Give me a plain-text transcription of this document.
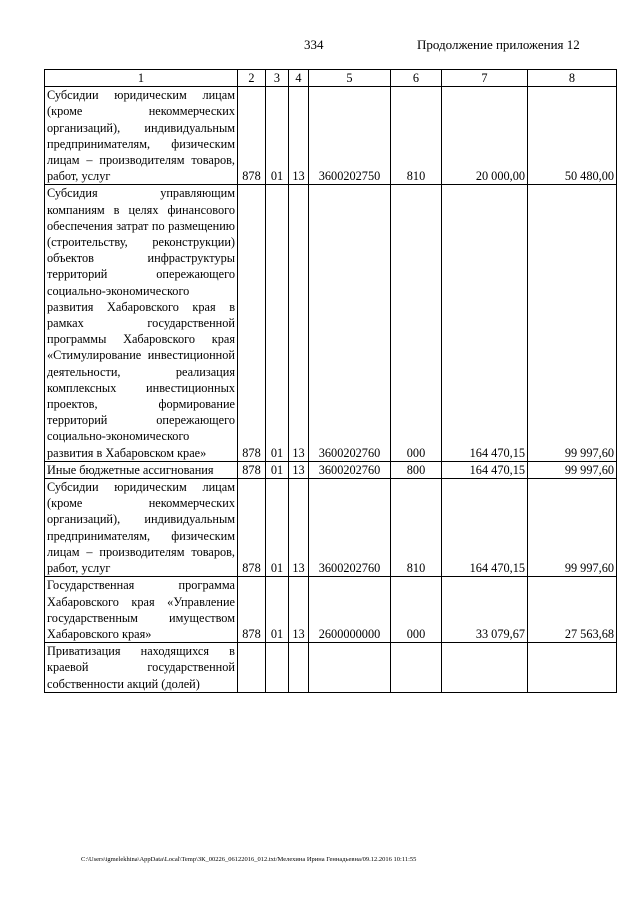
334	Продолжение приложения 12
1	2	3	4	5	6	7	8
Субсидии юридическим лицам (кроме некоммерческих организаций), индивидуальным предпринимателям, физическим лицам – производителям товаров, работ, услуг	878	01	13	3600202750	810	20 000,00	50 480,00
Субсидия управляющим компаниям в целях финансового обеспечения затрат по размещению (строительству, реконструкции) объектов инфраструктуры территорий опережающего социально-экономического развития Хабаровского края в рамках государственной программы Хабаровского края «Стимулирование инвестиционной деятельности, реализация комплексных инвестиционных проектов, формирование территорий опережающего социально-экономического развития в Хабаровском крае»	878	01	13	3600202760	000	164 470,15	99 997,60
Иные бюджетные ассигнования	878	01	13	3600202760	800	164 470,15	99 997,60
Субсидии юридическим лицам (кроме некоммерческих организаций), индивидуальным предпринимателям, физическим лицам – производителям товаров, работ, услуг	878	01	13	3600202760	810	164 470,15	99 997,60
Государственная программа Хабаровского края «Управление государственным имуществом Хабаровского края»	878	01	13	2600000000	000	33 079,67	27 563,68
Приватизация находящихся в краевой государственной собственности акций (долей)							
C:\Users\igmelekhina\AppData\Local\Temp\ЗК_00226_06122016_012.txt/Мелехина Ирина Геннадьевна/09.12.2016 10:11:55
